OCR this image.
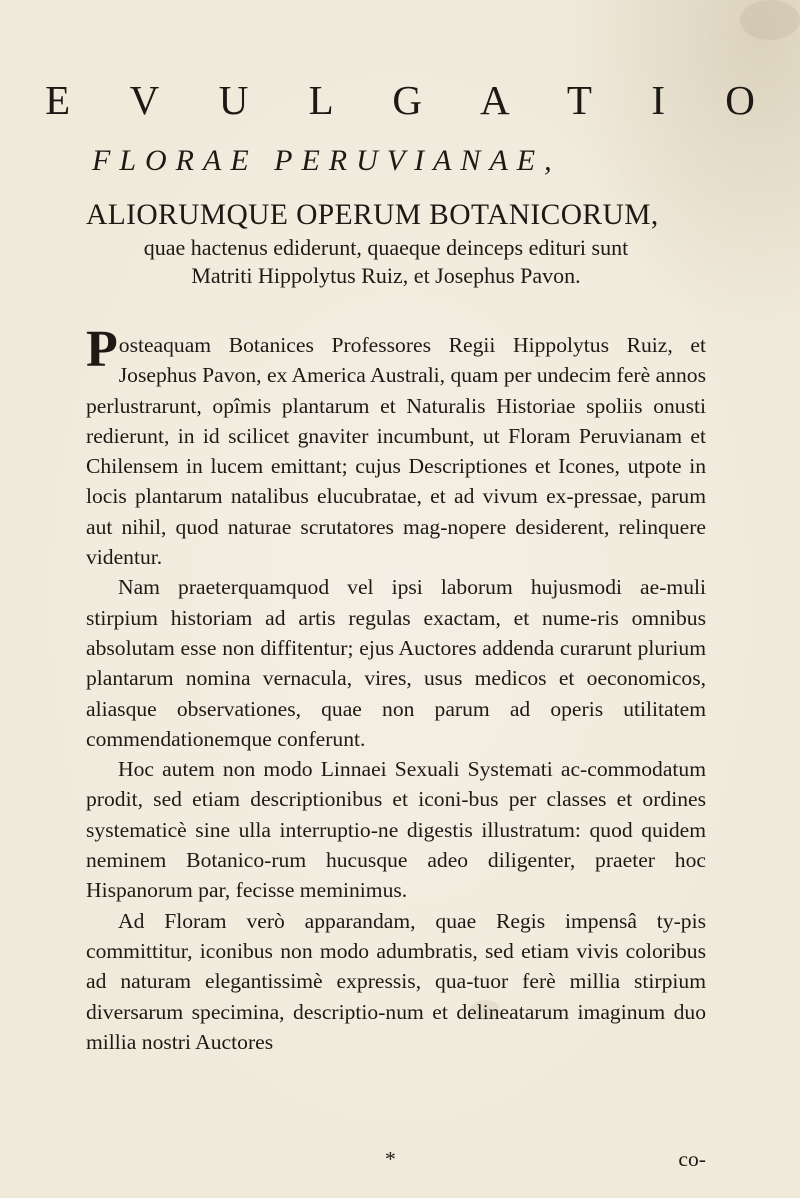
E V U L G A T I O
FLORAE PERUVIANAE,
ALIORUMQUE OPERUM BOTANICORUM,
quae hactenus ediderunt, quaeque deinceps edituri sunt
Matriti Hippolytus Ruiz, et Josephus Pavon.

Posteaquam Botanices Professores Regii Hippolytus Ruiz, et Josephus Pavon, ex America Australi, quam per undecim ferè annos perlustrarunt, opîmis plantarum et Naturalis Historiae spoliis onusti redierunt, in id scilicet gnaviter incumbunt, ut Floram Peruvianam et Chilensem in lucem emittant; cujus Descriptiones et Icones, utpote in locis plantarum natalibus elucubratae, et ad vivum ex-pressae, parum aut nihil, quod naturae scrutatores mag-nopere desiderent, relinquere videntur.

Nam praeterquamquod vel ipsi laborum hujusmodi ae-muli stirpium historiam ad artis regulas exactam, et nume-ris omnibus absolutam esse non diffitentur; ejus Auctores addenda curarunt plurium plantarum nomina vernacula, vires, usus medicos et oeconomicos, aliasque observationes, quae non parum ad operis utilitatem commendationemque conferunt.

Hoc autem non modo Linnaei Sexuali Systemati ac-commodatum prodit, sed etiam descriptionibus et iconi-bus per classes et ordines systematicè sine ulla interruptio-ne digestis illustratum: quod quidem neminem Botanico-rum hucusque adeo diligenter, praeter hoc Hispanorum par, fecisse meminimus.

Ad Floram verò apparandam, quae Regis impensâ ty-pis committitur, iconibus non modo adumbratis, sed etiam vivis coloribus ad naturam elegantissimè expressis, qua-tuor ferè millia stirpium diversarum specimina, descriptio-num et delineatarum imaginum duo millia nostri Auctores

*	co-
